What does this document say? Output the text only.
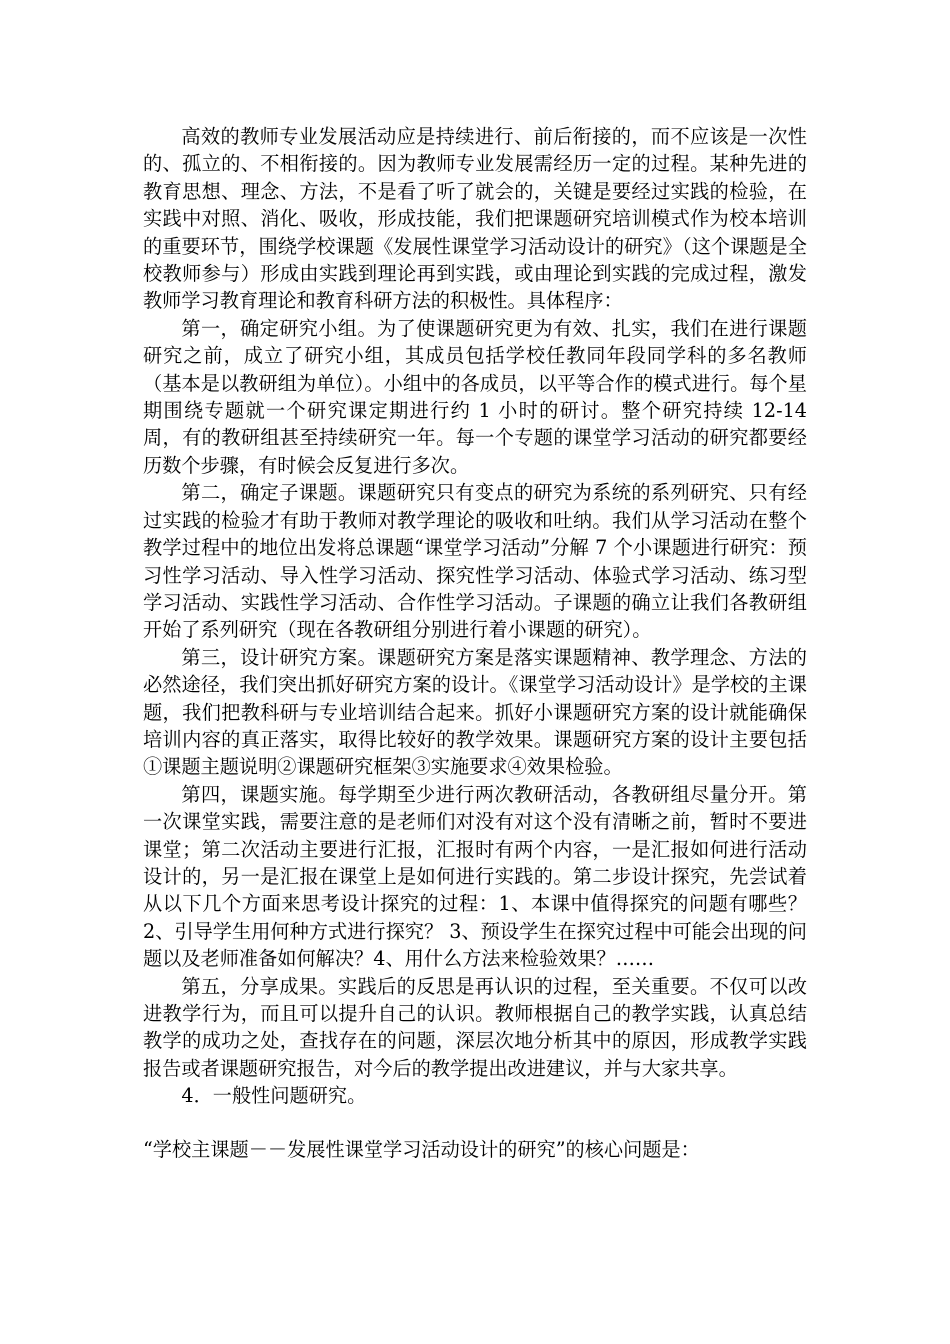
高效的教师专业发展活动应是持续进行、前后衔接的，而不应该是一次性的、孤立的、不相衔接的。因为教师专业发展需经历一定的过程。某种先进的教育思想、理念、方法，不是看了听了就会的，关键是要经过实践的检验，在实践中对照、消化、吸收，形成技能，我们把课题研究培训模式作为校本培训的重要环节，围绕学校课题《发展性课堂学习活动设计的研究》（这个课题是全校教师参与）形成由实践到理论再到实践，或由理论到实践的完成过程，激发教师学习教育理论和教育科研方法的积极性。具体程序：

第一，确定研究小组。为了使课题研究更为有效、扎实，我们在进行课题研究之前，成立了研究小组，其成员包括学校任教同年段同学科的多名教师（基本是以教研组为单位）。小组中的各成员，以平等合作的模式进行。每个星期围绕专题就一个研究课定期进行约 1 小时的研讨。整个研究持续 12-14 周，有的教研组甚至持续研究一年。每一个专题的课堂学习活动的研究都要经历数个步骤，有时候会反复进行多次。

第二，确定子课题。课题研究只有变点的研究为系统的系列研究、只有经过实践的检验才有助于教师对教学理论的吸收和吐纳。我们从学习活动在整个教学过程中的地位出发将总课题“课堂学习活动”分解 7 个小课题进行研究：预习性学习活动、导入性学习活动、探究性学习活动、体验式学习活动、练习型学习活动、实践性学习活动、合作性学习活动。子课题的确立让我们各教研组开始了系列研究（现在各教研组分别进行着小课题的研究）。

第三，设计研究方案。课题研究方案是落实课题精神、教学理念、方法的必然途径，我们突出抓好研究方案的设计。《课堂学习活动设计》是学校的主课题，我们把教科研与专业培训结合起来。抓好小课题研究方案的设计就能确保培训内容的真正落实，取得比较好的教学效果。课题研究方案的设计主要包括①课题主题说明②课题研究框架③实施要求④效果检验。

第四，课题实施。每学期至少进行两次教研活动，各教研组尽量分开。第一次课堂实践，需要注意的是老师们对没有对这个没有清晰之前，暂时不要进课堂；第二次活动主要进行汇报，汇报时有两个内容，一是汇报如何进行活动设计的，另一是汇报在课堂上是如何进行实践的。第二步设计探究，先尝试着从以下几个方面来思考设计探究的过程：1、本课中值得探究的问题有哪些？ 2、引导学生用何种方式进行探究？ 3、预设学生在探究过程中可能会出现的问题以及老师准备如何解决？4、用什么方法来检验效果？……

第五，分享成果。实践后的反思是再认识的过程，至关重要。不仅可以改进教学行为，而且可以提升自己的认识。教师根据自己的教学实践，认真总结教学的成功之处，查找存在的问题，深层次地分析其中的原因，形成教学实践报告或者课题研究报告，对今后的教学提出改进建议，并与大家共享。

4．一般性问题研究。

“学校主课题－－发展性课堂学习活动设计的研究”的核心问题是：
